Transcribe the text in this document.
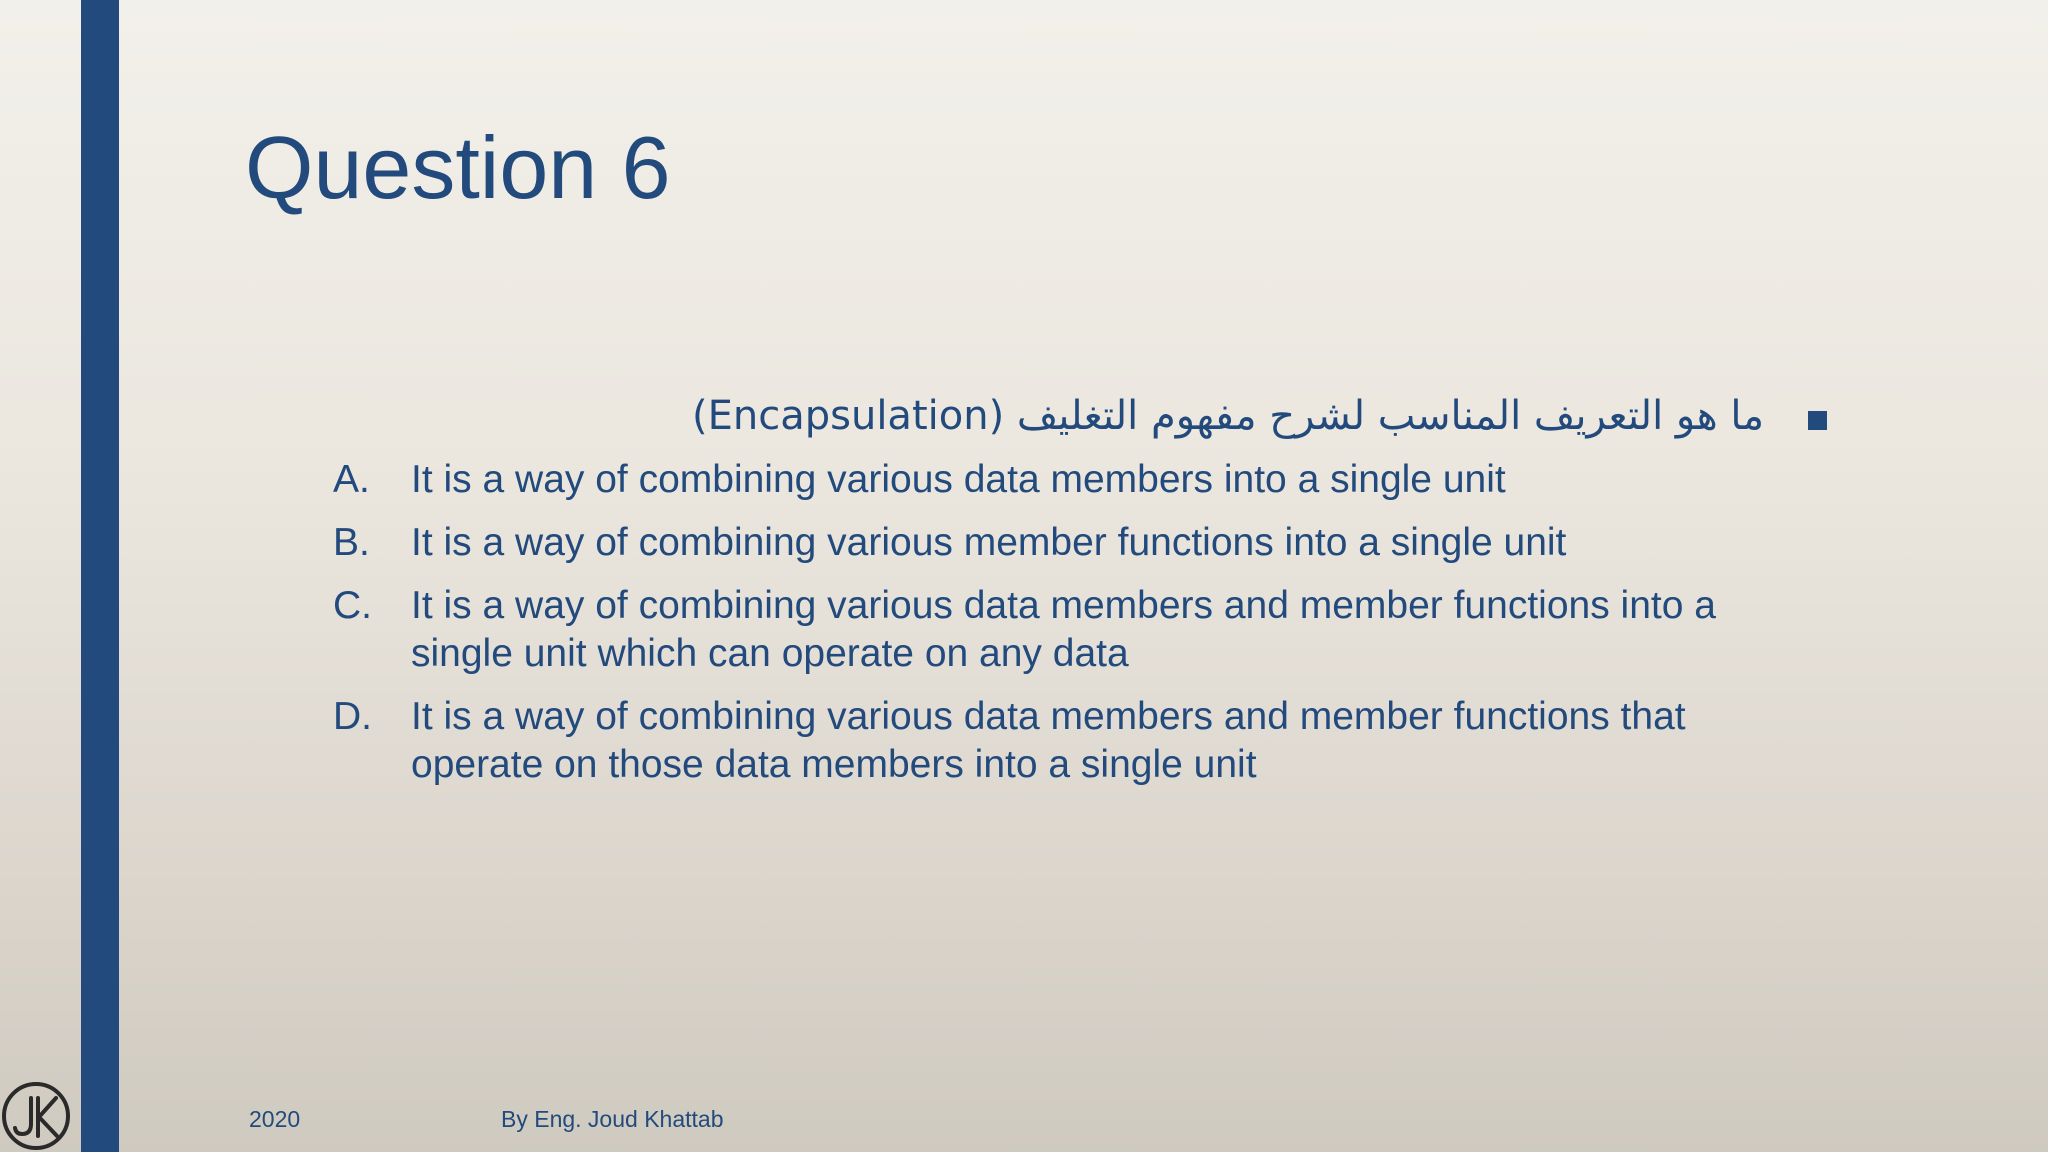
Question 6
ما هو التعريف المناسب لشرح مفهوم التغليف (Encapsulation)
A.	It is a way of combining various data members into a single unit
B.	It is a way of combining various member functions into a single unit
C.	It is a way of combining various data members and member functions into a single unit which can operate on any data
D.	It is a way of combining various data members and member functions that operate on those data members into a single unit
2020	By Eng. Joud Khattab
